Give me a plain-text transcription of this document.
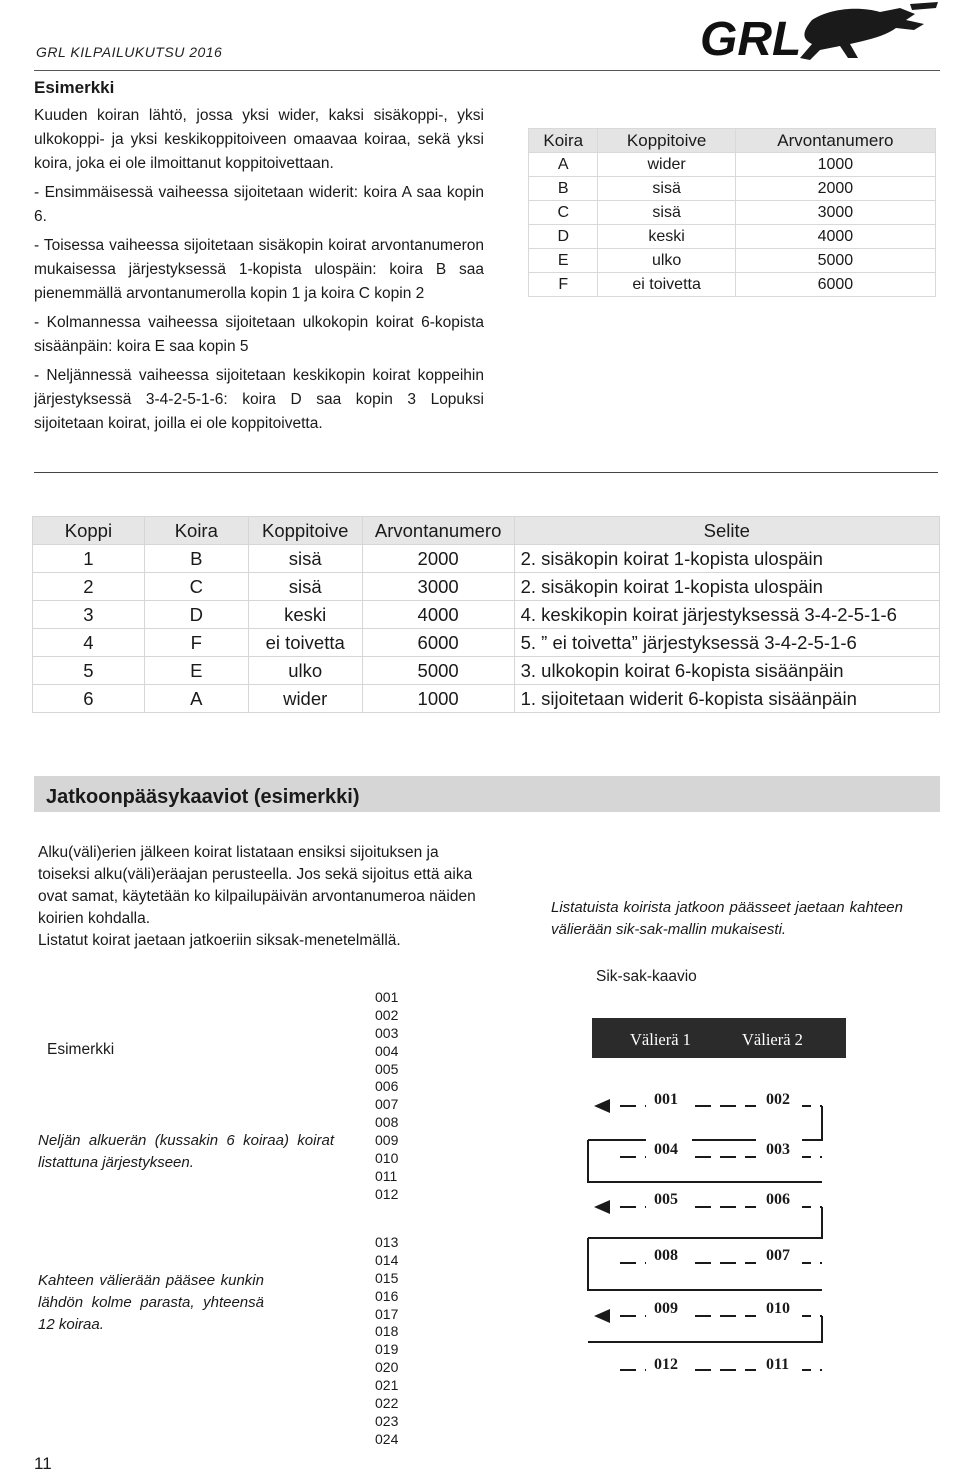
GRL KILPAILUKUTSU 2016	GRL
Esimerkki

Kuuden koiran lähtö, jossa yksi wider, kaksi sisäkoppi-, yksi ulkokoppi- ja yksi keskikoppitoiveen omaavaa koiraa, sekä yksi koira, joka ei ole ilmoittanut koppitoivettaan.

- Ensimmäisessä vaiheessa sijoitetaan widerit: koira A saa kopin 6.

- Toisessa vaiheessa sijoitetaan sisäkopin koirat arvontanumeron mukaisessa järjestyksessä 1-kopista ulospäin: koira B saa pienemmällä arvontanumerolla kopin 1 ja koira C kopin 2

- Kolmannessa vaiheessa sijoitetaan ulkokopin koirat 6-kopista sisäänpäin: koira E saa kopin 5

- Neljännessä vaiheessa sijoitetaan keskikopin koirat koppeihin järjestyksessä 3-4-2-5-1-6: koira D saa kopin 3 Lopuksi sijoitetaan koirat, joilla ei ole koppitoivetta.

Koira	Koppitoive	Arvontanumero
A	wider	1000
B	sisä	2000
C	sisä	3000
D	keski	4000
E	ulko	5000
F	ei toivetta	6000
Koppi	Koira	Koppitoive	Arvontanumero	Selite
1	B	sisä	2000	2. sisäkopin koirat 1-kopista ulospäin
2	C	sisä	3000	2. sisäkopin koirat 1-kopista ulospäin
3	D	keski	4000	4. keskikopin koirat järjestyksessä 3-4-2-5-1-6
4	F	ei toivetta	6000	5. ” ei toivetta” järjestyksessä 3-4-2-5-1-6
5	E	ulko	5000	3. ulkokopin koirat 6-kopista sisäänpäin
6	A	wider	1000	1. sijoitetaan widerit 6-kopista sisäänpäin
Jatkoonpääsykaaviot (esimerkki)

Alku(väli)erien jälkeen koirat listataan ensiksi sijoituksen ja toiseksi alku(väli)eräajan perusteella. Jos sekä sijoitus että aika ovat samat, käytetään ko kilpailupäivän arvontanumeroa näiden koirien kohdalla.

Listatut koirat jaetaan jatkoeriin siksak-menetelmällä.

Listatuista koirista jatkoon päässeet jaetaan kahteen välierään sik-sak-mallin mukaisesti.
Esimerkki
Neljän alkuerän (kussakin 6 koiraa) koirat listattuna järjestykseen.
Kahteen välierään pääsee kunkin lähdön kolme parasta, yhteensä 12 koiraa.
001
002
003
004
005
006
007
008
009
010
011
012
013
014
015
016
017
018
019
020
021
022
023
024
Sik-sak-kaavio
Välierä 1	Välierä 2
001	002
004	003
005	006
008	007
009	010
012	011
11
